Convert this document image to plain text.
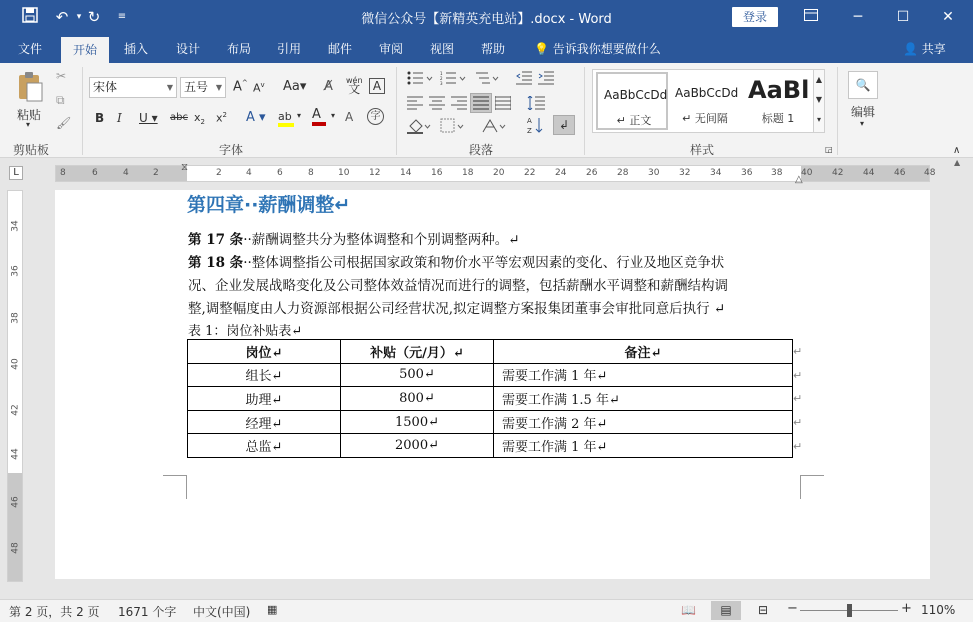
↶ ▾ ↻	≡	微信公众号【新精英充电站】.docx - Word	登录	─	☐	✕
文件	开始	插入 设计 布局 引用 邮件 审阅 视图 帮助 💡 告诉我你想要做什么	👤 共享
粘贴
▾
✂
⧉
🖌
剪贴板
宋体	▼ 五号 ▼ A^ $A^v$ Aa▾ A̸ wén
文	A
B I U ▾ abc $x_2$ $x^2$ A ▾ ab ▾ A	▾ A	字
字体
1
2
3
A
Z	↲
段落
AaBbCcDd
↵ 正文
AaBbCcDd
↵ 无间隔
AaBl
标题 1
▲
▼
▾
样式	◲
🔍
编辑
▾
∧
L	8	6	4	2	2	4	6	8	10 12 14 16 18 20 22 24 26 28 30 32 34 36 38 40 42 44 46 48
⧖
△
34
36
38
40
42
44
46
48
第四章··薪酬调整↵
第 17 条··薪酬调整共分为整体调整和个别调整两种。↵
第 18 条··整体调整指公司根据国家政策和物价水平等宏观因素的变化、行业及地区竞争状
况、企业发展战略变化及公司整体效益情况而进行的调整，包括薪酬水平调整和薪酬结构调
整,调整幅度由人力资源部根据公司经营状况,拟定调整方案报集团董事会审批同意后执行 ↵
表 1：岗位补贴表↵
岗位↵	补贴（元/月）↵	备注↵
组长↵	500↵	需要工作满 1 年↵
助理↵	800↵	需要工作满 1.5 年↵
经理↵	1500↵	需要工作满 2 年↵
总监↵	2000↵	需要工作满 1 年↵
↵
↵
↵
↵
↵
▲
第 2 页，共 2 页 1671 个字 中文(中国) ▦	📖	▤	⊟ −	+ 110%
